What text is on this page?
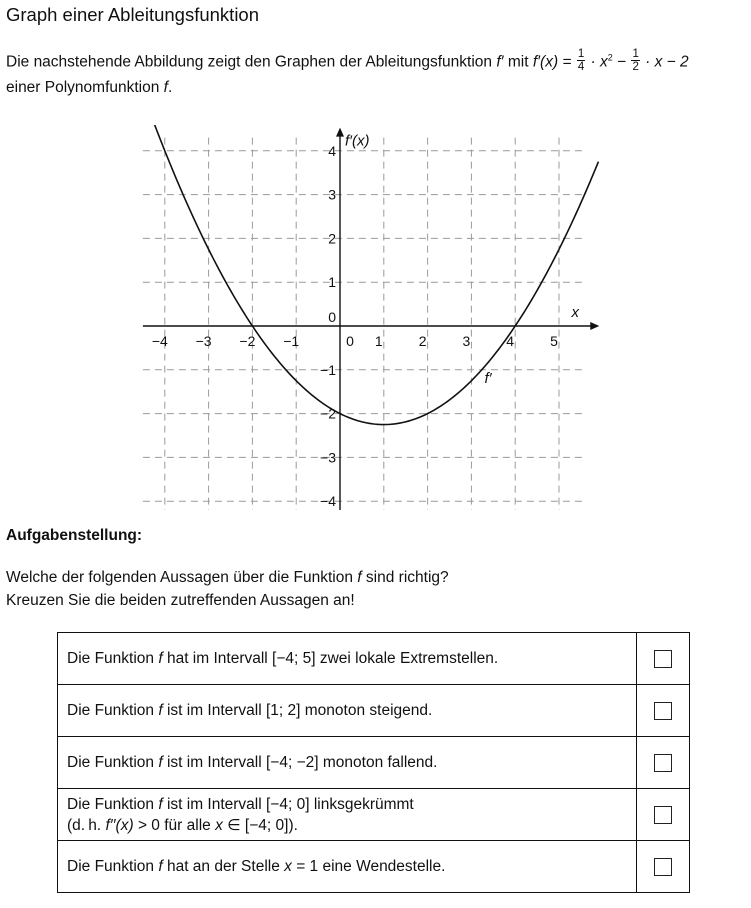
Graph einer Ableitungsfunktion
Die nachstehende Abbildung zeigt den Graphen der Ableitungsfunktion f′ mit $f'(x) = \frac{1}{4} \cdot x^2 - \frac{1}{2} \cdot x - 2$
einer Polynomfunktion f.
−4 −3 −2 −1	0 1	2	3	4	5
4
3
2
1
0
−1
−2
−3
−4
x
f′(x)
f′
Aufgabenstellung:
Welche der folgenden Aussagen über die Funktion f sind richtig?
Kreuzen Sie die beiden zutreffenden Aussagen an!
Die Funktion f hat im Intervall [−4; 5] zwei lokale Extremstellen.	
Die Funktion f ist im Intervall [1; 2] monoton steigend.	
Die Funktion f ist im Intervall [−4; −2] monoton fallend.	

Die Funktion f ist im Intervall [−4; 0] linksgekrümmt
(d. h. f′′(x) > 0 für alle x ∈ [−4; 0]).	

Die Funktion f hat an der Stelle x = 1 eine Wendestelle.	
